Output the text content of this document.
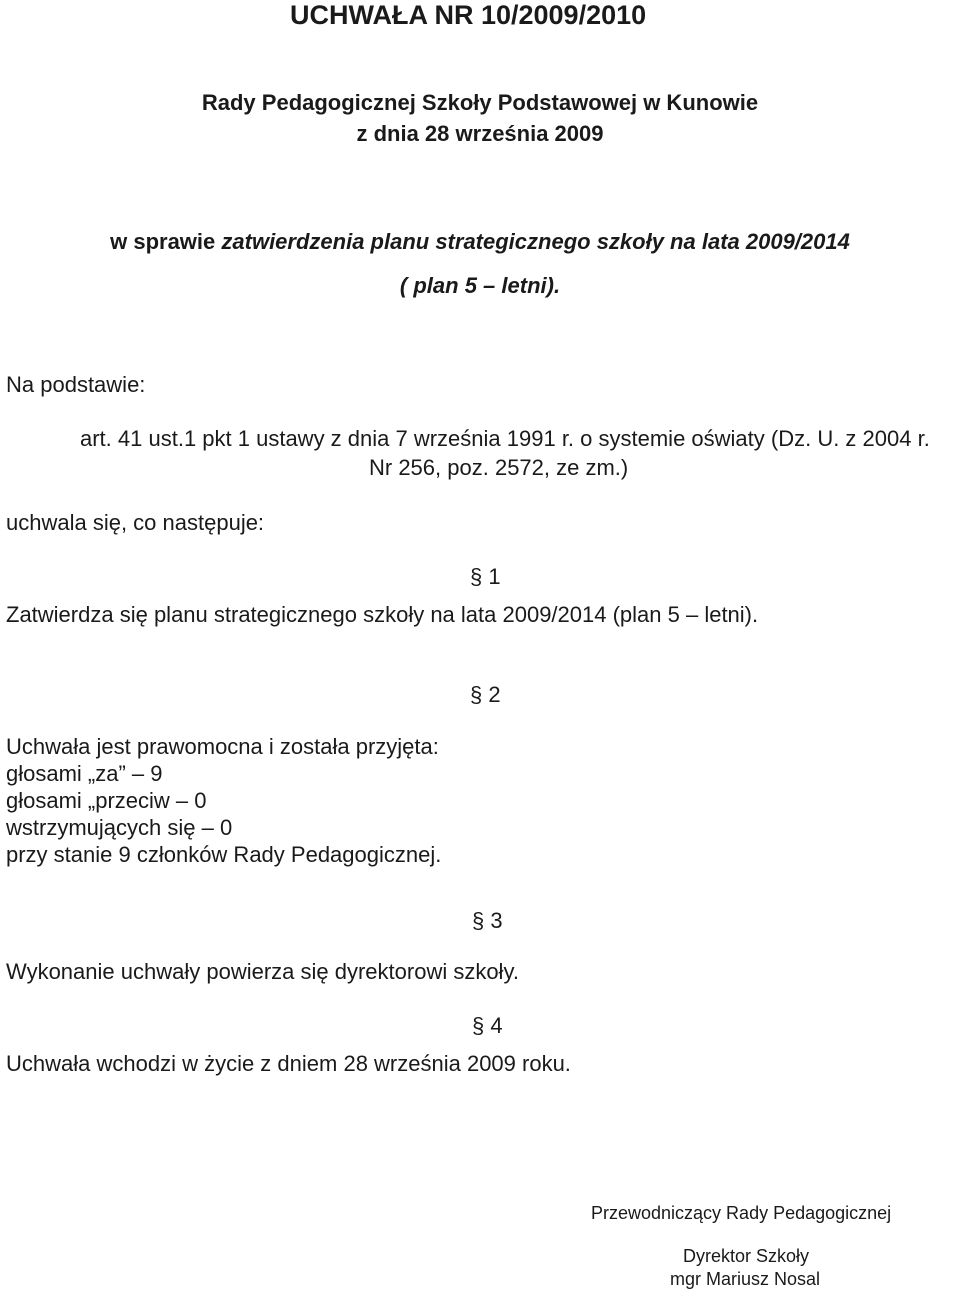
UCHWAŁA NR 10/2009/2010
Rady Pedagogicznej Szkoły Podstawowej w Kunowie
z dnia 28 września 2009
w sprawie zatwierdzenia planu strategicznego szkoły na lata 2009/2014
( plan 5 – letni).
Na podstawie:
art. 41 ust.1 pkt 1 ustawy z dnia 7 września 1991 r. o systemie oświaty (Dz. U. z 2004 r.
Nr 256, poz. 2572, ze zm.)
uchwala się, co następuje:
§ 1
Zatwierdza się planu strategicznego szkoły na lata 2009/2014 (plan 5 – letni).
§ 2
Uchwała jest prawomocna i została przyjęta:
głosami „za” – 9
głosami „przeciw – 0
wstrzymujących się – 0
przy stanie 9 członków Rady Pedagogicznej.
§ 3
Wykonanie uchwały powierza się dyrektorowi szkoły.
§ 4
Uchwała wchodzi w życie z dniem 28 września 2009 roku.
Przewodniczący Rady Pedagogicznej
Dyrektor Szkoły
mgr Mariusz Nosal
